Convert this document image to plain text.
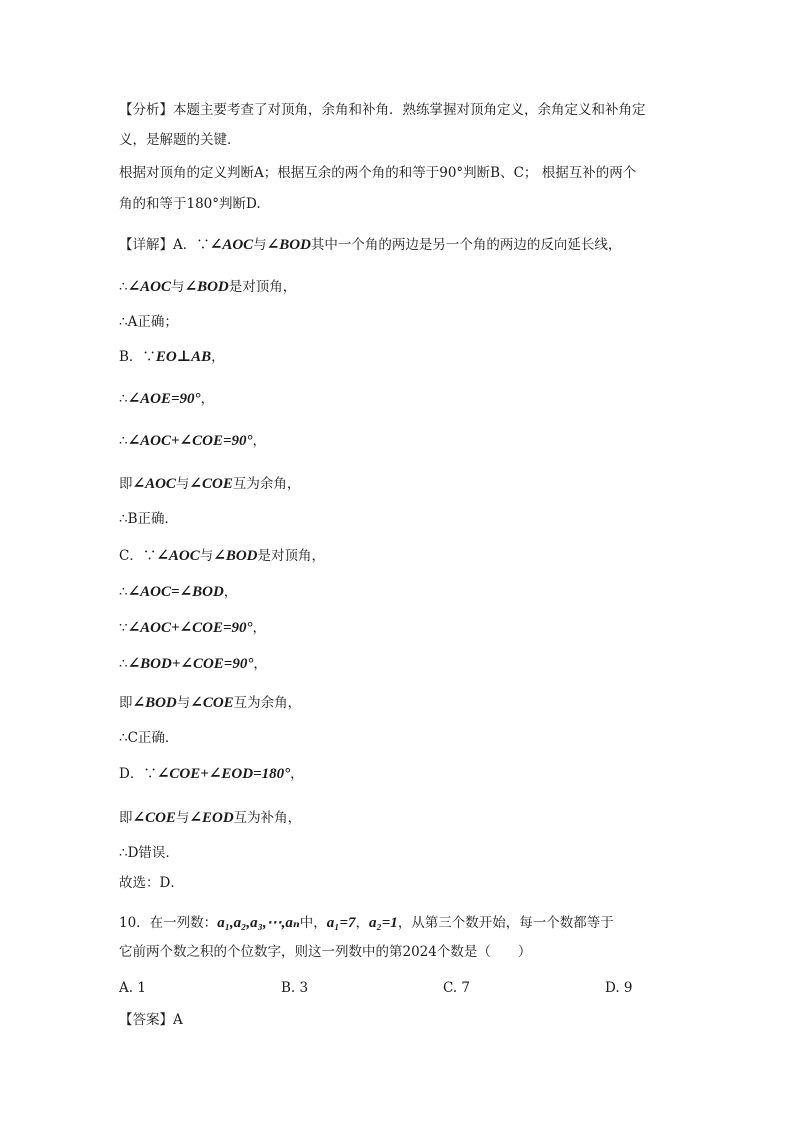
【分析】本题主要考查了对顶角，余角和补角．熟练掌握对顶角定义，余角定义和补角定
义，是解题的关键．
根据对顶角的定义判断A；根据互余的两个角的和等于90°判断B、C； 根据互补的两个
角的和等于180°判断D.
【详解】A．∵∠AOC与∠BOD其中一个角的两边是另一个角的两边的反向延长线，
∴∠AOC与∠BOD是对顶角，
∴A正确；
B．∵EO⊥AB，
∴∠AOE=90°，
∴∠AOC+∠COE=90°，
即∠AOC与∠COE互为余角，
∴B正确．
C．∵∠AOC与∠BOD是对顶角，
∴∠AOC=∠BOD，
∵∠AOC+∠COE=90°，
∴∠BOD+∠COE=90°，
即∠BOD与∠COE互为余角，
∴C正确．
D．∵∠COE+∠EOD=180°，
即∠COE与∠EOD互为补角，
∴D错误．
故选：D．
10．在一列数：a₁,a₂,a₃,⋯,aₙ中，a₁=7，a₂=1，从第三个数开始，每一个数都等于
它前两个数之积的个位数字，则这一列数中的第2024个数是（　　）
【答案】A
A. 1	B. 3	C. 7	D. 9
